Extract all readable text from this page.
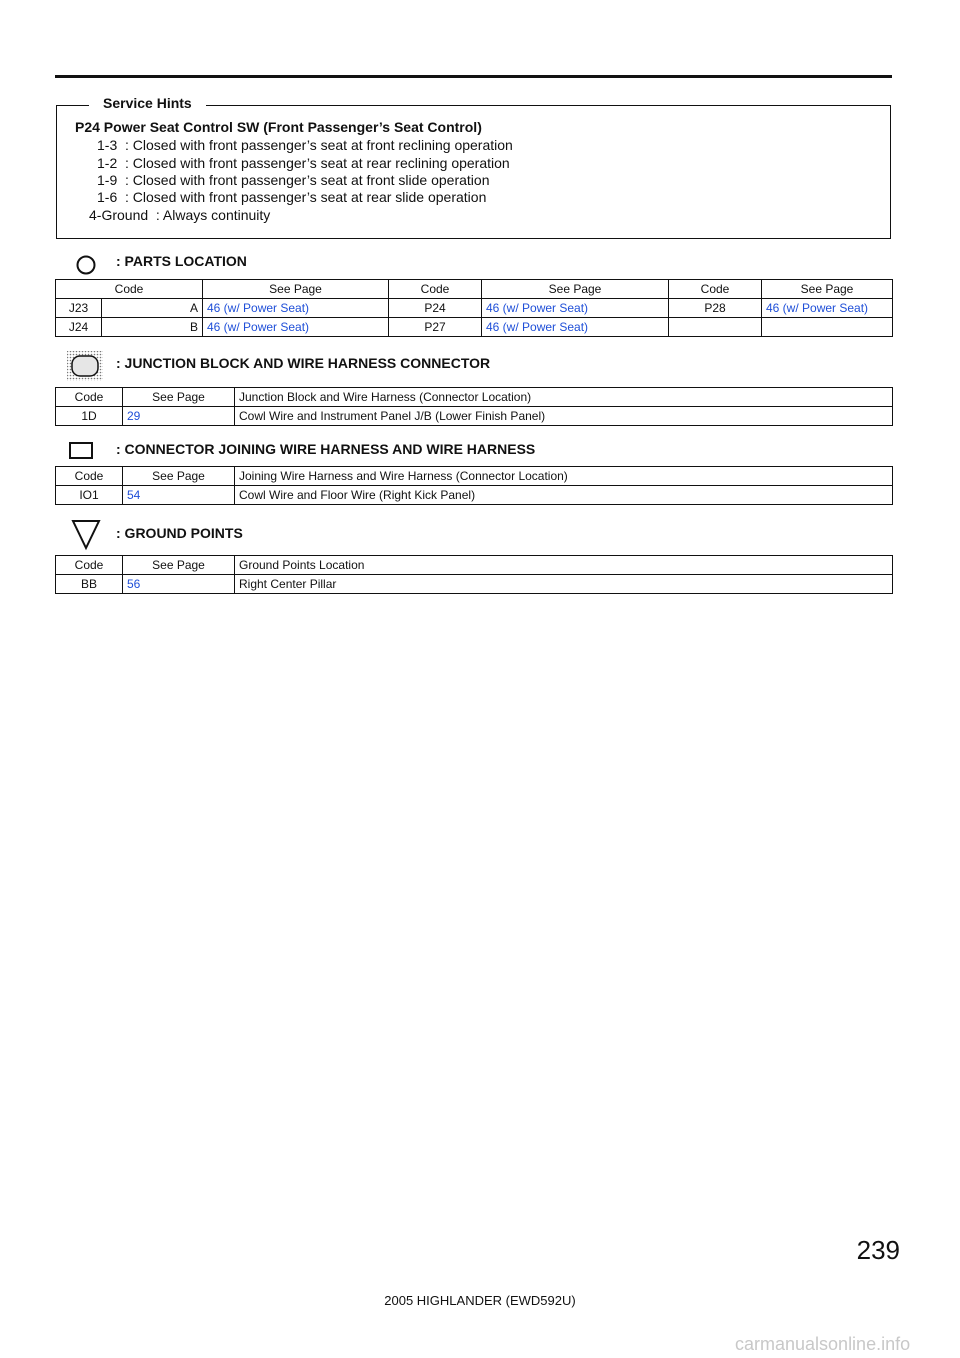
Service Hints
P24 Power Seat Control SW (Front Passenger’s Seat Control)
1-3  : Closed with front passenger’s seat at front reclining operation
1-2  : Closed with front passenger’s seat at rear reclining operation
1-9  : Closed with front passenger’s seat at front slide operation
1-6  : Closed with front passenger’s seat at rear slide operation
4-Ground  : Always continuity
: PARTS LOCATION
Code		See Page	Code	See Page	Code	See Page
J23	A	46 (w/ Power Seat)	P24	46 (w/ Power Seat)	P28	46 (w/ Power Seat)
J24	B	46 (w/ Power Seat)	P27	46 (w/ Power Seat)		
: JUNCTION BLOCK AND WIRE HARNESS CONNECTOR
Code	See Page	Junction Block and Wire Harness (Connector Location)
1D	29	Cowl Wire and Instrument Panel J/B (Lower Finish Panel)
: CONNECTOR JOINING WIRE HARNESS AND WIRE HARNESS
Code	See Page	Joining Wire Harness and Wire Harness (Connector Location)
IO1	54	Cowl Wire and Floor Wire (Right Kick Panel)
: GROUND POINTS
Code	See Page	Ground Points Location
BB	56	Right Center Pillar
239
2005 HIGHLANDER (EWD592U)
carmanualsonline.info
